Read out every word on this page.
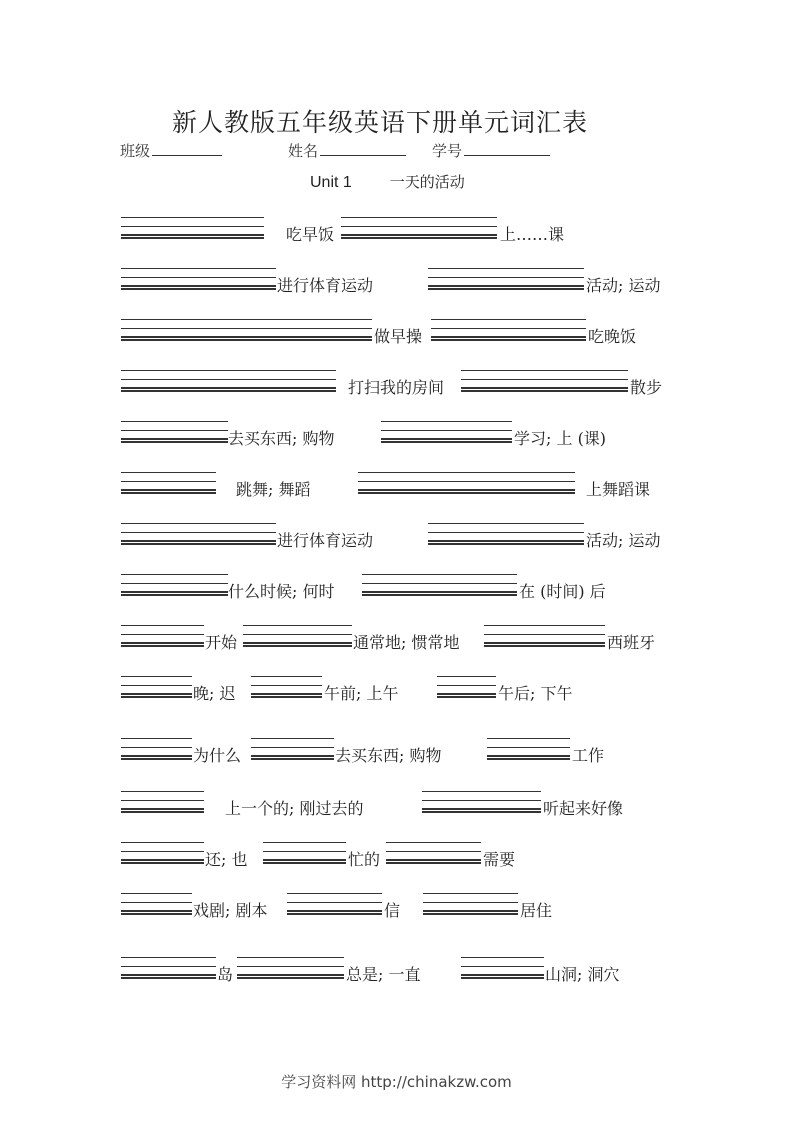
新人教版五年级英语下册单元词汇表
班级	姓名	学号
Unit 1	一天的活动
吃早饭	上……课
进行体育运动	活动; 运动
做早操	吃晚饭
打扫我的房间	散步
去买东西; 购物	学习; 上 (课)
跳舞; 舞蹈	上舞蹈课
进行体育运动	活动; 运动
什么时候; 何时	在 (时间) 后
开始	通常地; 惯常地	西班牙
晚; 迟	午前; 上午	午后; 下午
为什么	去买东西; 购物	工作
上一个的; 刚过去的	听起来好像
还; 也	忙的	需要
戏剧; 剧本	信	居住
岛	总是; 一直	山洞; 洞穴
学习资料网 http://chinakzw.com
